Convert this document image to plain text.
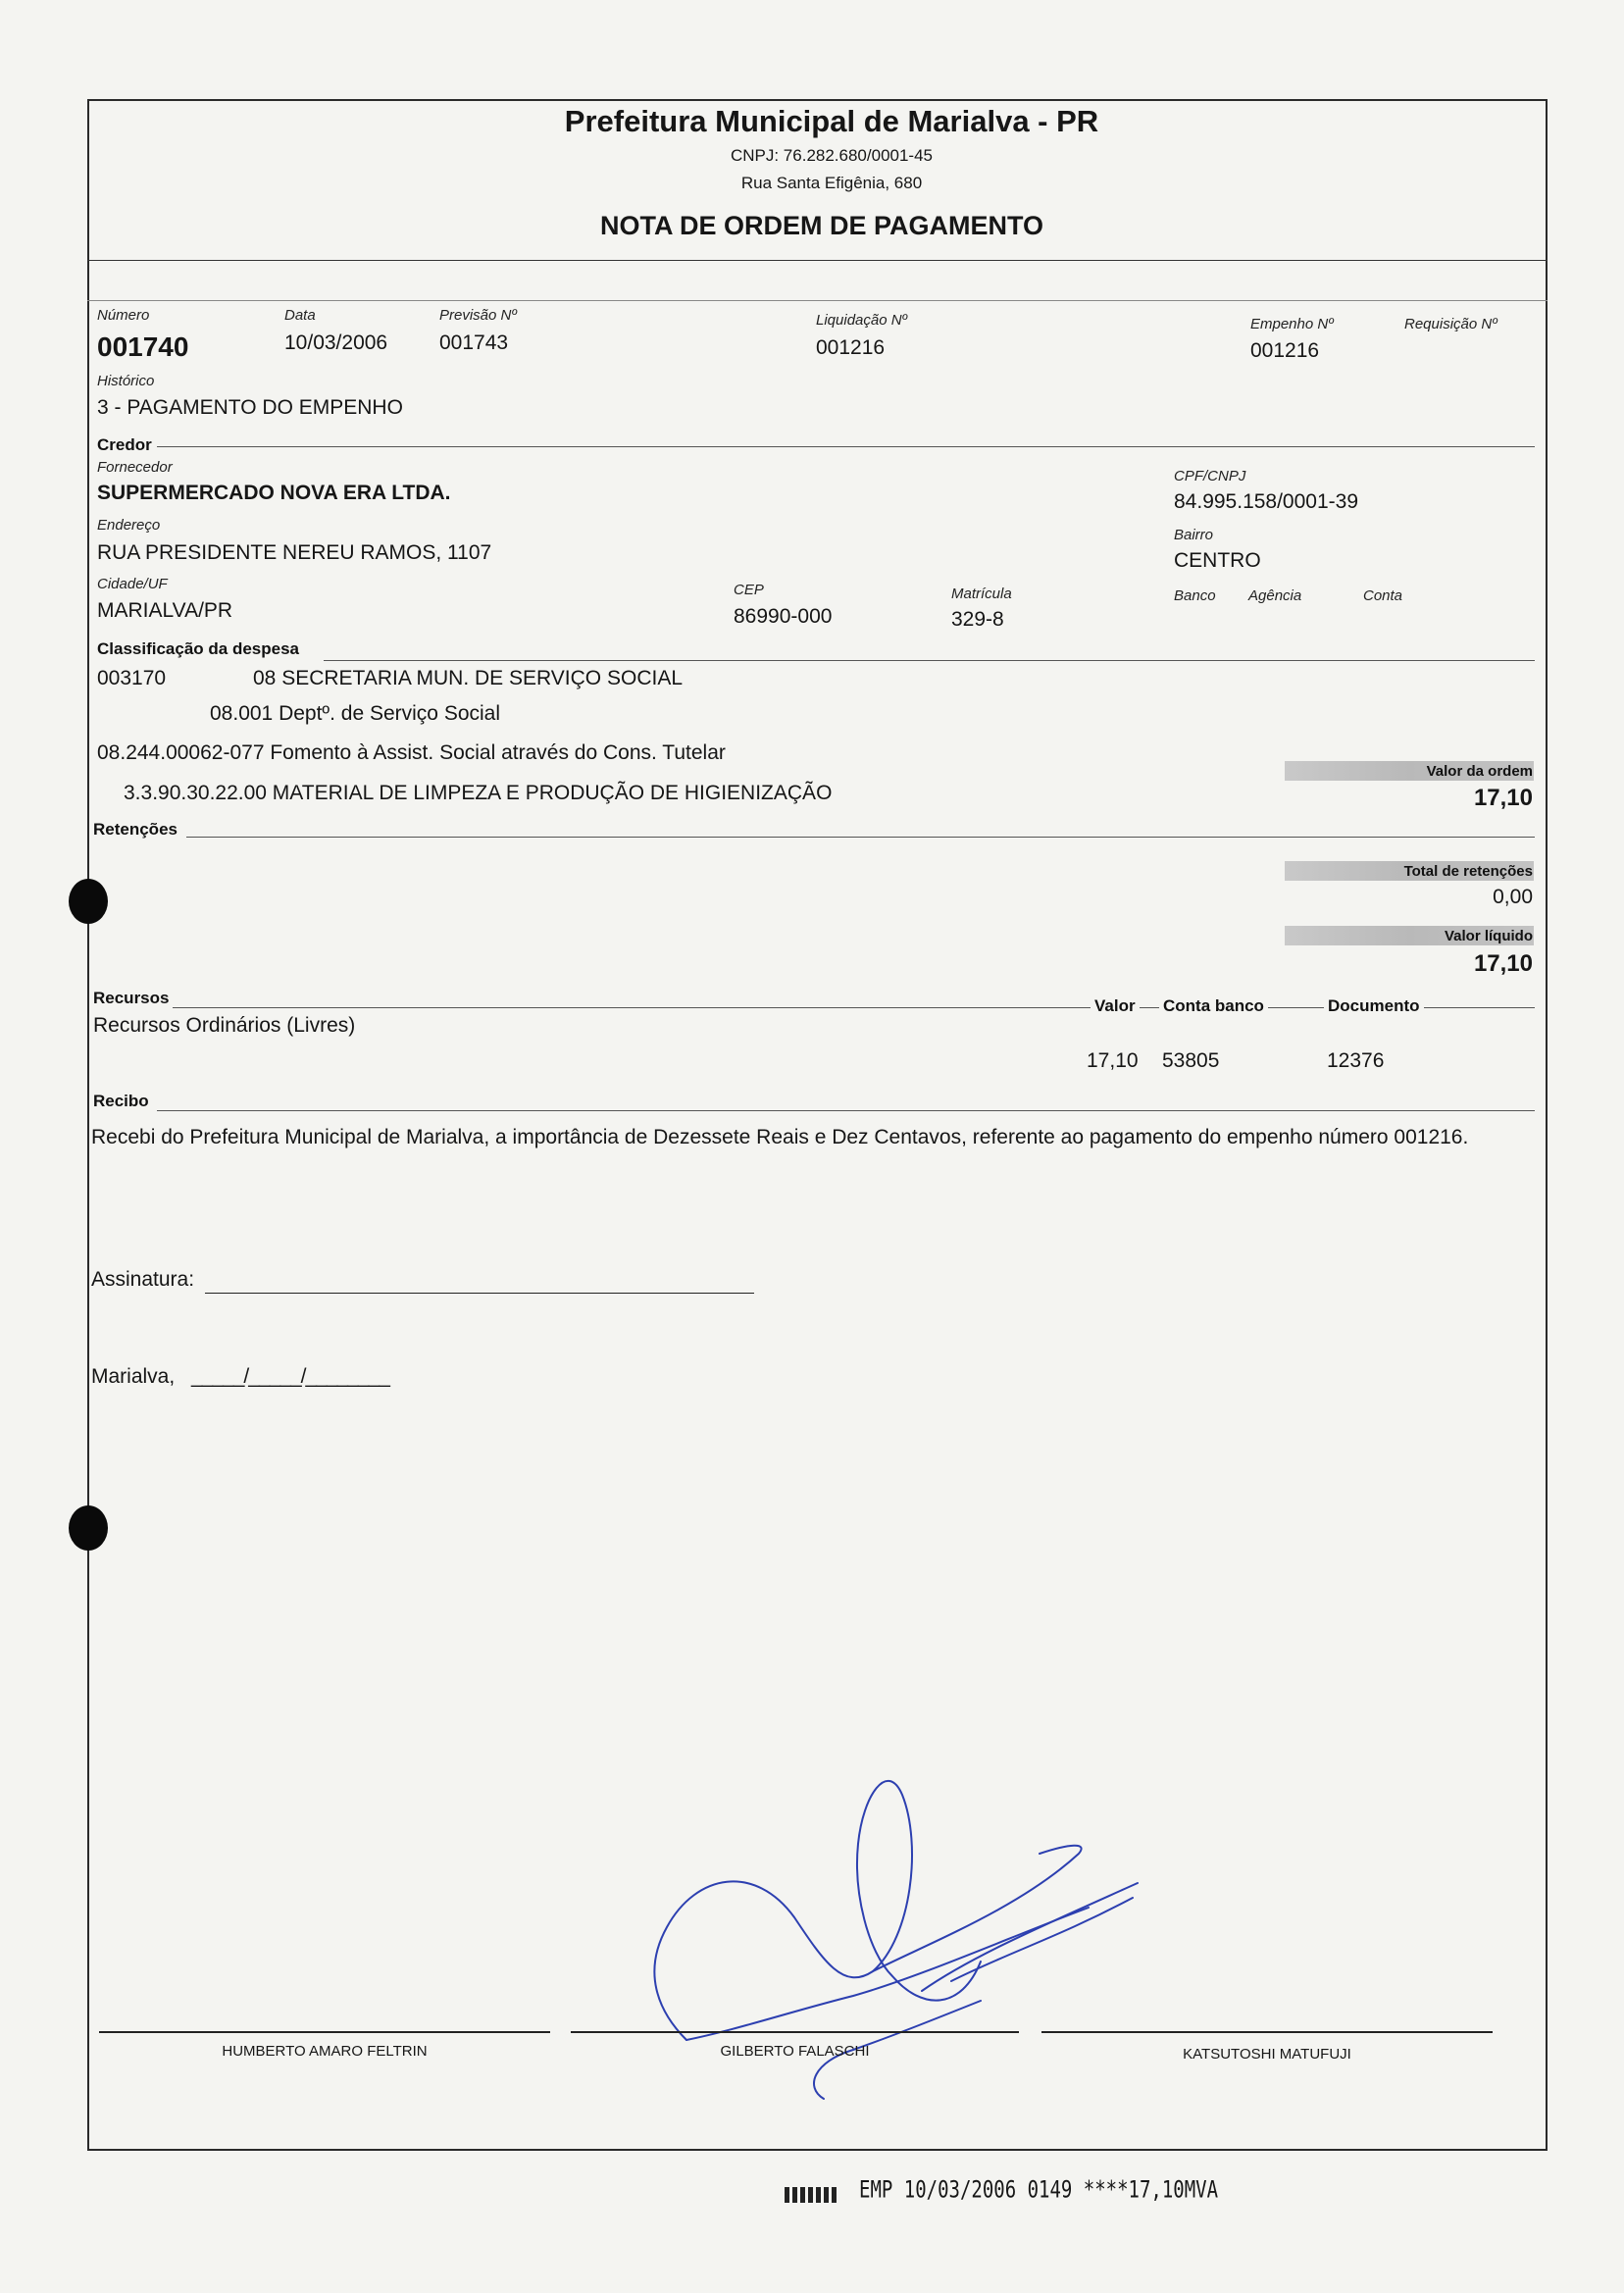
Prefeitura Municipal de Marialva - PR
CNPJ: 76.282.680/0001-45
Rua Santa Efigênia, 680
NOTA DE ORDEM DE PAGAMENTO
Número
001740
Data
10/03/2006
Previsão Nº
001743
Liquidação Nº
001216
Empenho Nº
001216
Requisição Nº
Histórico
3 - PAGAMENTO DO EMPENHO
Credor
Fornecedor
SUPERMERCADO NOVA ERA LTDA.
CPF/CNPJ
84.995.158/0001-39
Endereço
RUA PRESIDENTE NEREU RAMOS, 1107
Bairro
CENTRO
Cidade/UF
MARIALVA/PR
CEP
86990-000
Matrícula
329-8
Banco Agência	Conta
Classificação da despesa
003170	08 SECRETARIA MUN. DE SERVIÇO SOCIAL
08.001 Deptº. de Serviço Social
08.244.00062-077 Fomento à Assist. Social através do Cons. Tutelar
3.3.90.30.22.00 MATERIAL DE LIMPEZA E PRODUÇÃO DE HIGIENIZAÇÃO
Valor da ordem
17,10
Retenções
Total de retenções
0,00
Valor líquido
17,10
Recursos	Valor Conta banco	Documento
Recursos Ordinários (Livres)
17,10 53805	12376
Recibo
Recebi do Prefeitura Municipal de Marialva, a importância de Dezessete Reais e Dez Centavos, referente ao pagamento do empenho número 001216.
Assinatura:
Marialva, _____/_____/________
HUMBERTO AMARO FELTRIN	GILBERTO FALASCHI	KATSUTOSHI MATUFUJI
EMP 10/03/2006 0149 ****17,10MVA
